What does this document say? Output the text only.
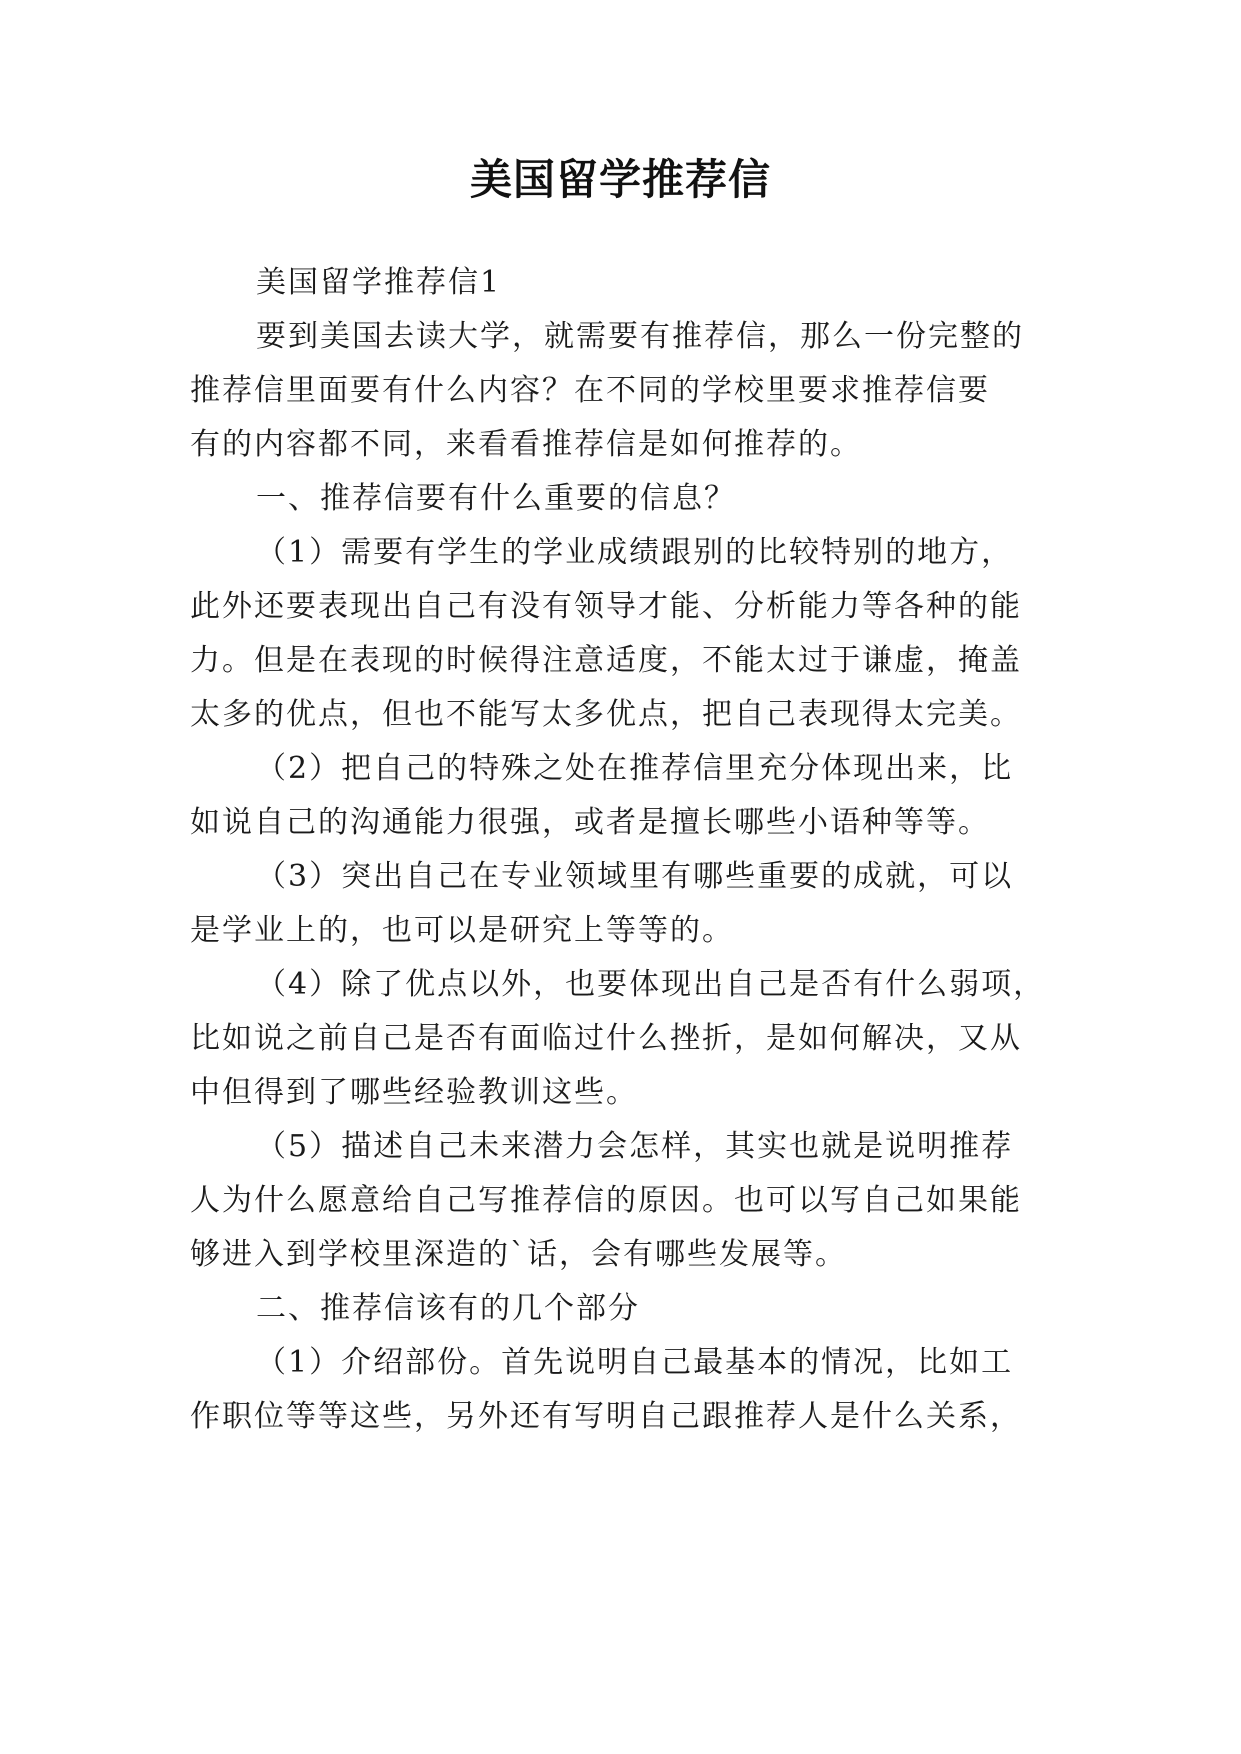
美国留学推荐信
美国留学推荐信1
要到美国去读大学，就需要有推荐信，那么一份完整的
推荐信里面要有什么内容？在不同的学校里要求推荐信要
有的内容都不同，来看看推荐信是如何推荐的。
一、推荐信要有什么重要的信息？
（1）需要有学生的学业成绩跟别的比较特别的地方，
此外还要表现出自己有没有领导才能、分析能力等各种的能
力。但是在表现的时候得注意适度，不能太过于谦虚，掩盖
太多的优点，但也不能写太多优点，把自己表现得太完美。
（2）把自己的特殊之处在推荐信里充分体现出来，比
如说自己的沟通能力很强，或者是擅长哪些小语种等等。
（3）突出自己在专业领域里有哪些重要的成就，可以
是学业上的，也可以是研究上等等的。
（4）除了优点以外，也要体现出自己是否有什么弱项，
比如说之前自己是否有面临过什么挫折，是如何解决，又从
中但得到了哪些经验教训这些。
（5）描述自己未来潜力会怎样，其实也就是说明推荐
人为什么愿意给自己写推荐信的原因。也可以写自己如果能
够进入到学校里深造的`话，会有哪些发展等。
二、推荐信该有的几个部分
（1）介绍部份。首先说明自己最基本的情况，比如工
作职位等等这些，另外还有写明自己跟推荐人是什么关系，
